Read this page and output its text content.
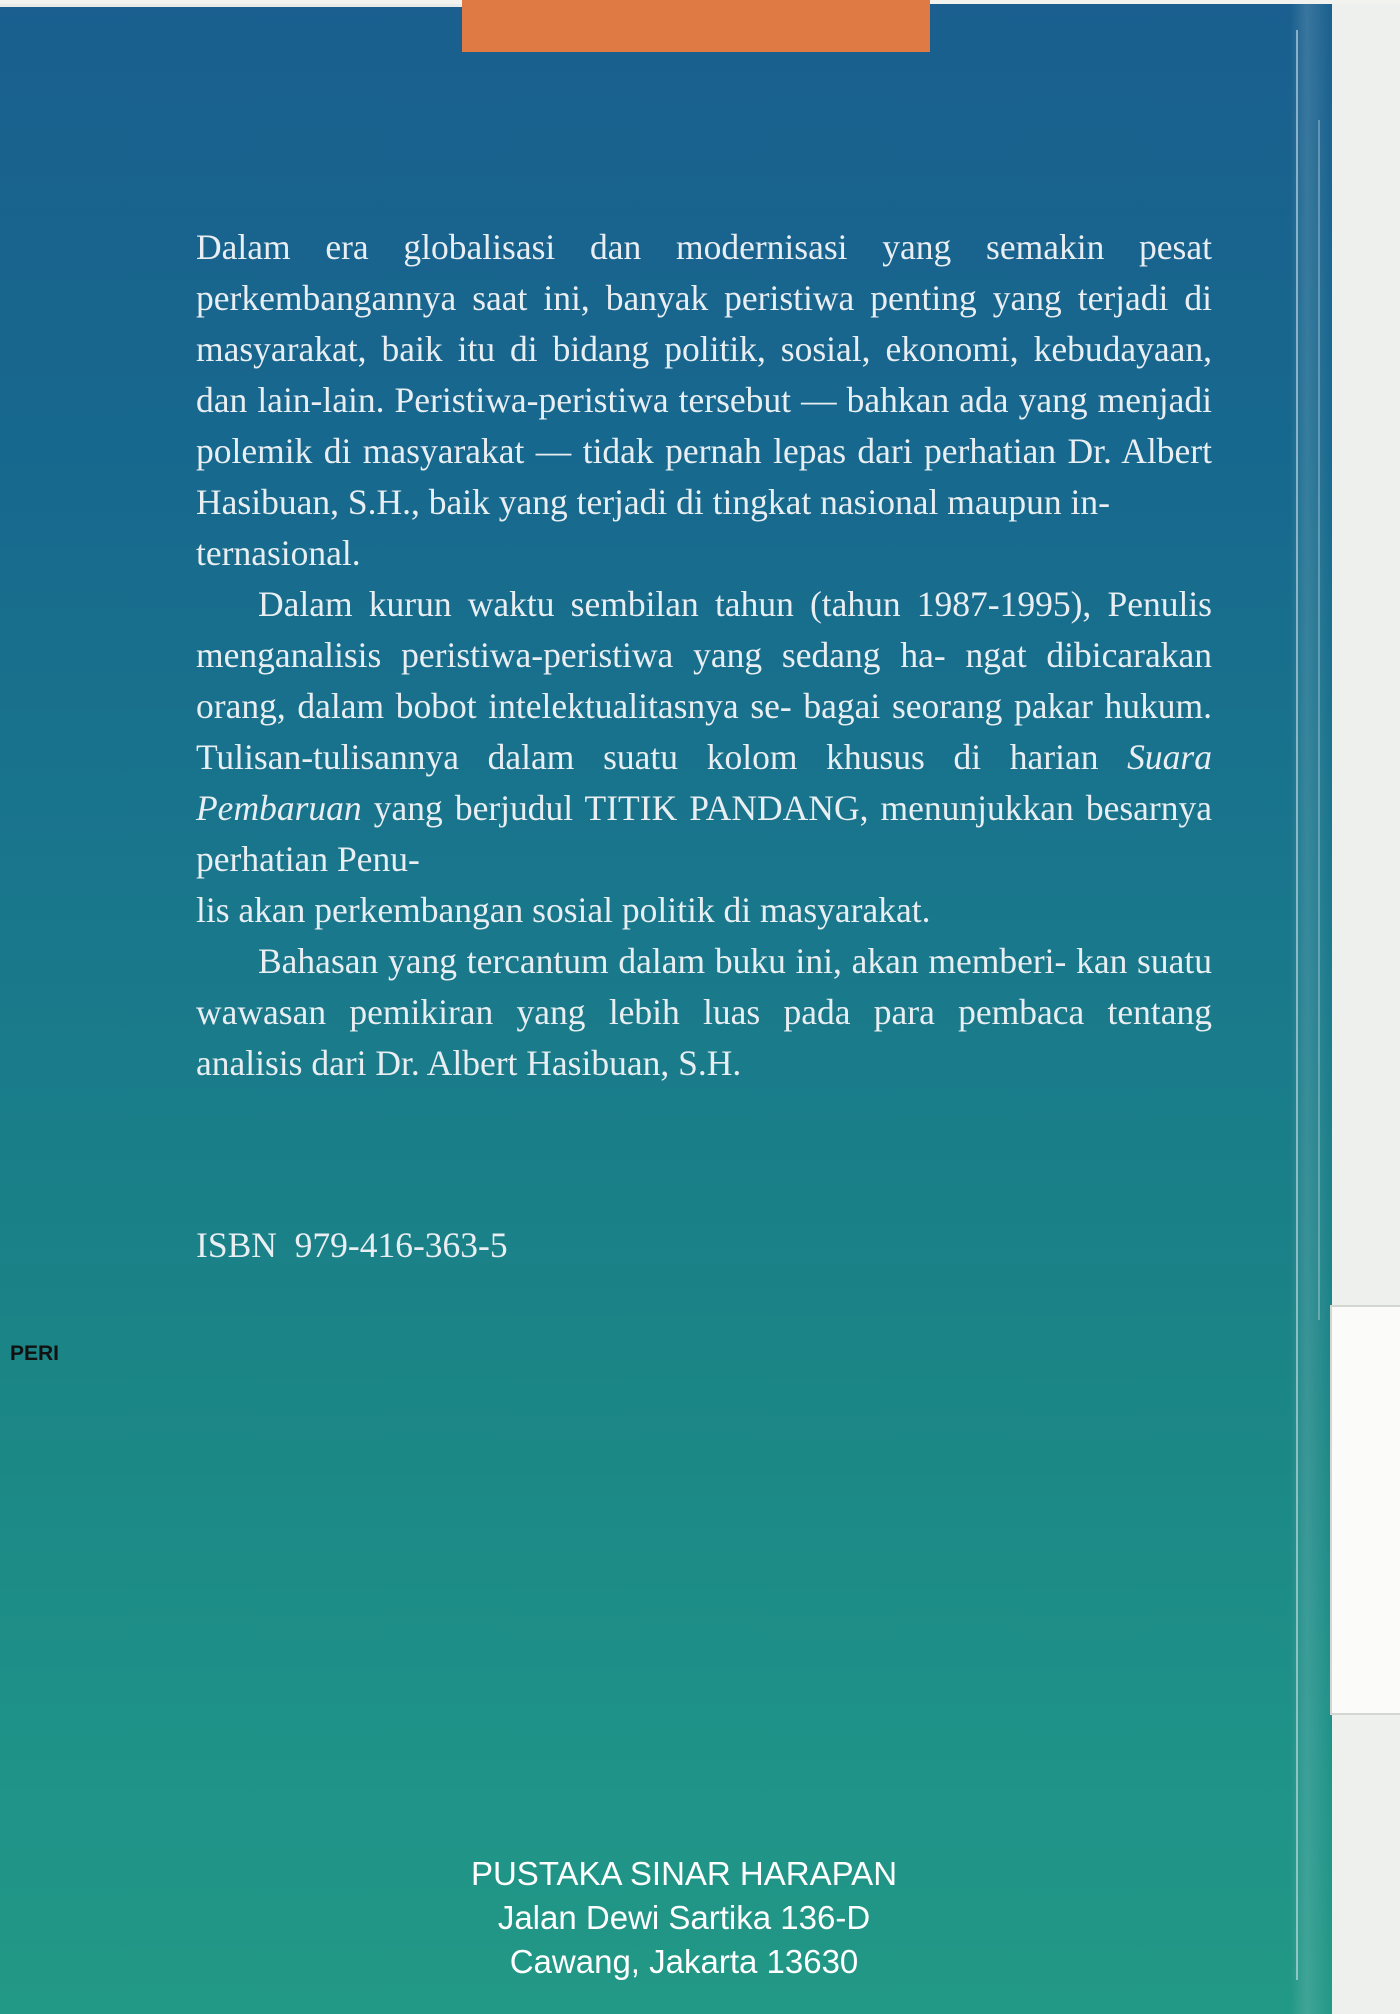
Dalam era globalisasi dan modernisasi yang semakin pesat perkembangannya saat ini, banyak peristiwa penting yang terjadi di masyarakat, baik itu di bidang politik, sosial, ekonomi, kebudayaan, dan lain-lain. Peristiwa-peristiwa tersebut — bahkan ada yang menjadi polemik di masyarakat — tidak pernah lepas dari perhatian Dr. Albert Hasibuan, S.H., baik yang terjadi di tingkat nasional maupun in-
ternasional.

Dalam kurun waktu sembilan tahun (tahun 1987-1995), Penulis menganalisis peristiwa-peristiwa yang sedang ha- ngat dibicarakan orang, dalam bobot intelektualitasnya se- bagai seorang pakar hukum. Tulisan-tulisannya dalam suatu kolom khusus di harian Suara Pembaruan yang berjudul TITIK PANDANG, menunjukkan besarnya perhatian Penu-
lis akan perkembangan sosial politik di masyarakat.

Bahasan yang tercantum dalam buku ini, akan memberi- kan suatu wawasan pemikiran yang lebih luas pada para pembaca tentang analisis dari Dr. Albert Hasibuan, S.H.

ISBN  979-416-363-5
PERI
PUSTAKA SINAR HARAPAN
Jalan Dewi Sartika 136-D
Cawang, Jakarta 13630
